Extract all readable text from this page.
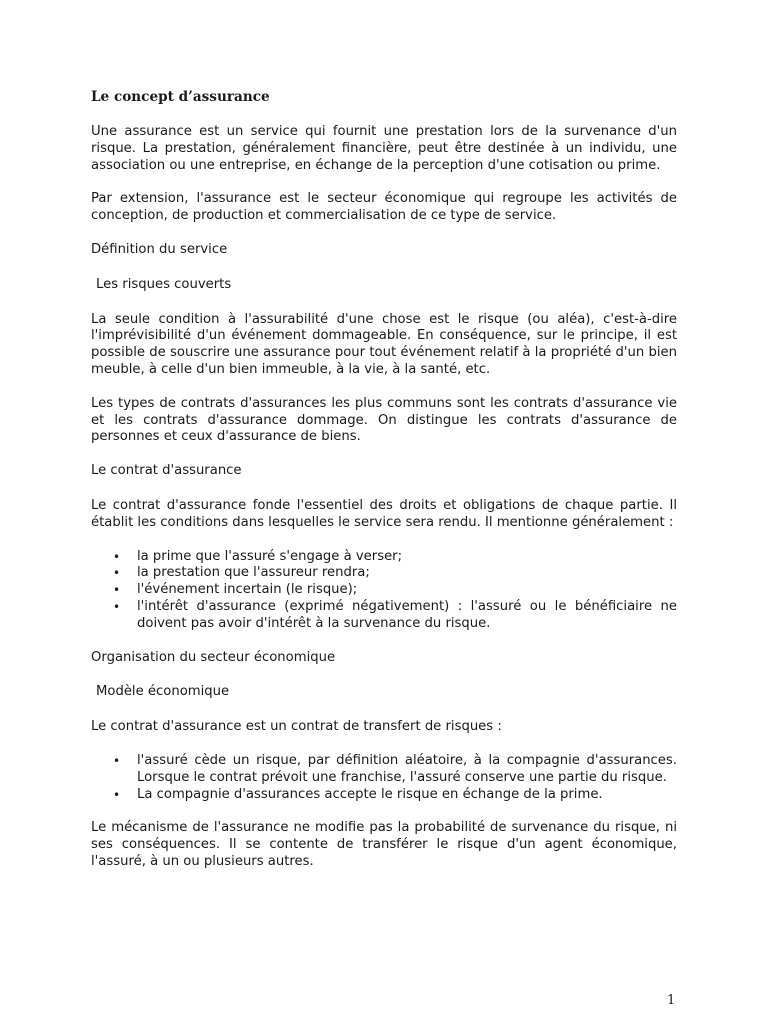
Le concept d’assurance

Une assurance est un service qui fournit une prestation lors de la survenance d'un risque. La prestation, généralement financière, peut être destinée à un individu, une association ou une entreprise, en échange de la perception d'une cotisation ou prime.

Par extension, l'assurance est le secteur économique qui regroupe les activités de conception, de production et commercialisation de ce type de service.

Définition du service
Les risques couverts

La seule condition à l'assurabilité d'une chose est le risque (ou aléa), c'est-à-dire l'imprévisibilité d'un événement dommageable. En conséquence, sur le principe, il est possible de souscrire une assurance pour tout événement relatif à la propriété d'un bien meuble, à celle d'un bien immeuble, à la vie, à la santé, etc.

Les types de contrats d'assurances les plus communs sont les contrats d'assurance vie et les contrats d'assurance dommage. On distingue les contrats d'assurance de personnes et ceux d'assurance de biens.

Le contrat d'assurance

Le contrat d'assurance fonde l'essentiel des droits et obligations de chaque partie. Il établit les conditions dans lesquelles le service sera rendu. Il mentionne généralement :

• la prime que l'assuré s'engage à verser;
• la prestation que l'assureur rendra;
• l'événement incertain (le risque);
• l'intérêt d'assurance (exprimé négativement) : l'assuré ou le bénéficiaire ne doivent pas avoir d'intérêt à la survenance du risque.
Organisation du secteur économique
Modèle économique

Le contrat d'assurance est un contrat de transfert de risques :

• l'assuré cède un risque, par définition aléatoire, à la compagnie d'assurances. Lorsque le contrat prévoit une franchise, l'assuré conserve une partie du risque.
• La compagnie d'assurances accepte le risque en échange de la prime.

Le mécanisme de l'assurance ne modifie pas la probabilité de survenance du risque, ni ses conséquences. Il se contente de transférer le risque d'un agent économique, l'assuré, à un ou plusieurs autres.

1
